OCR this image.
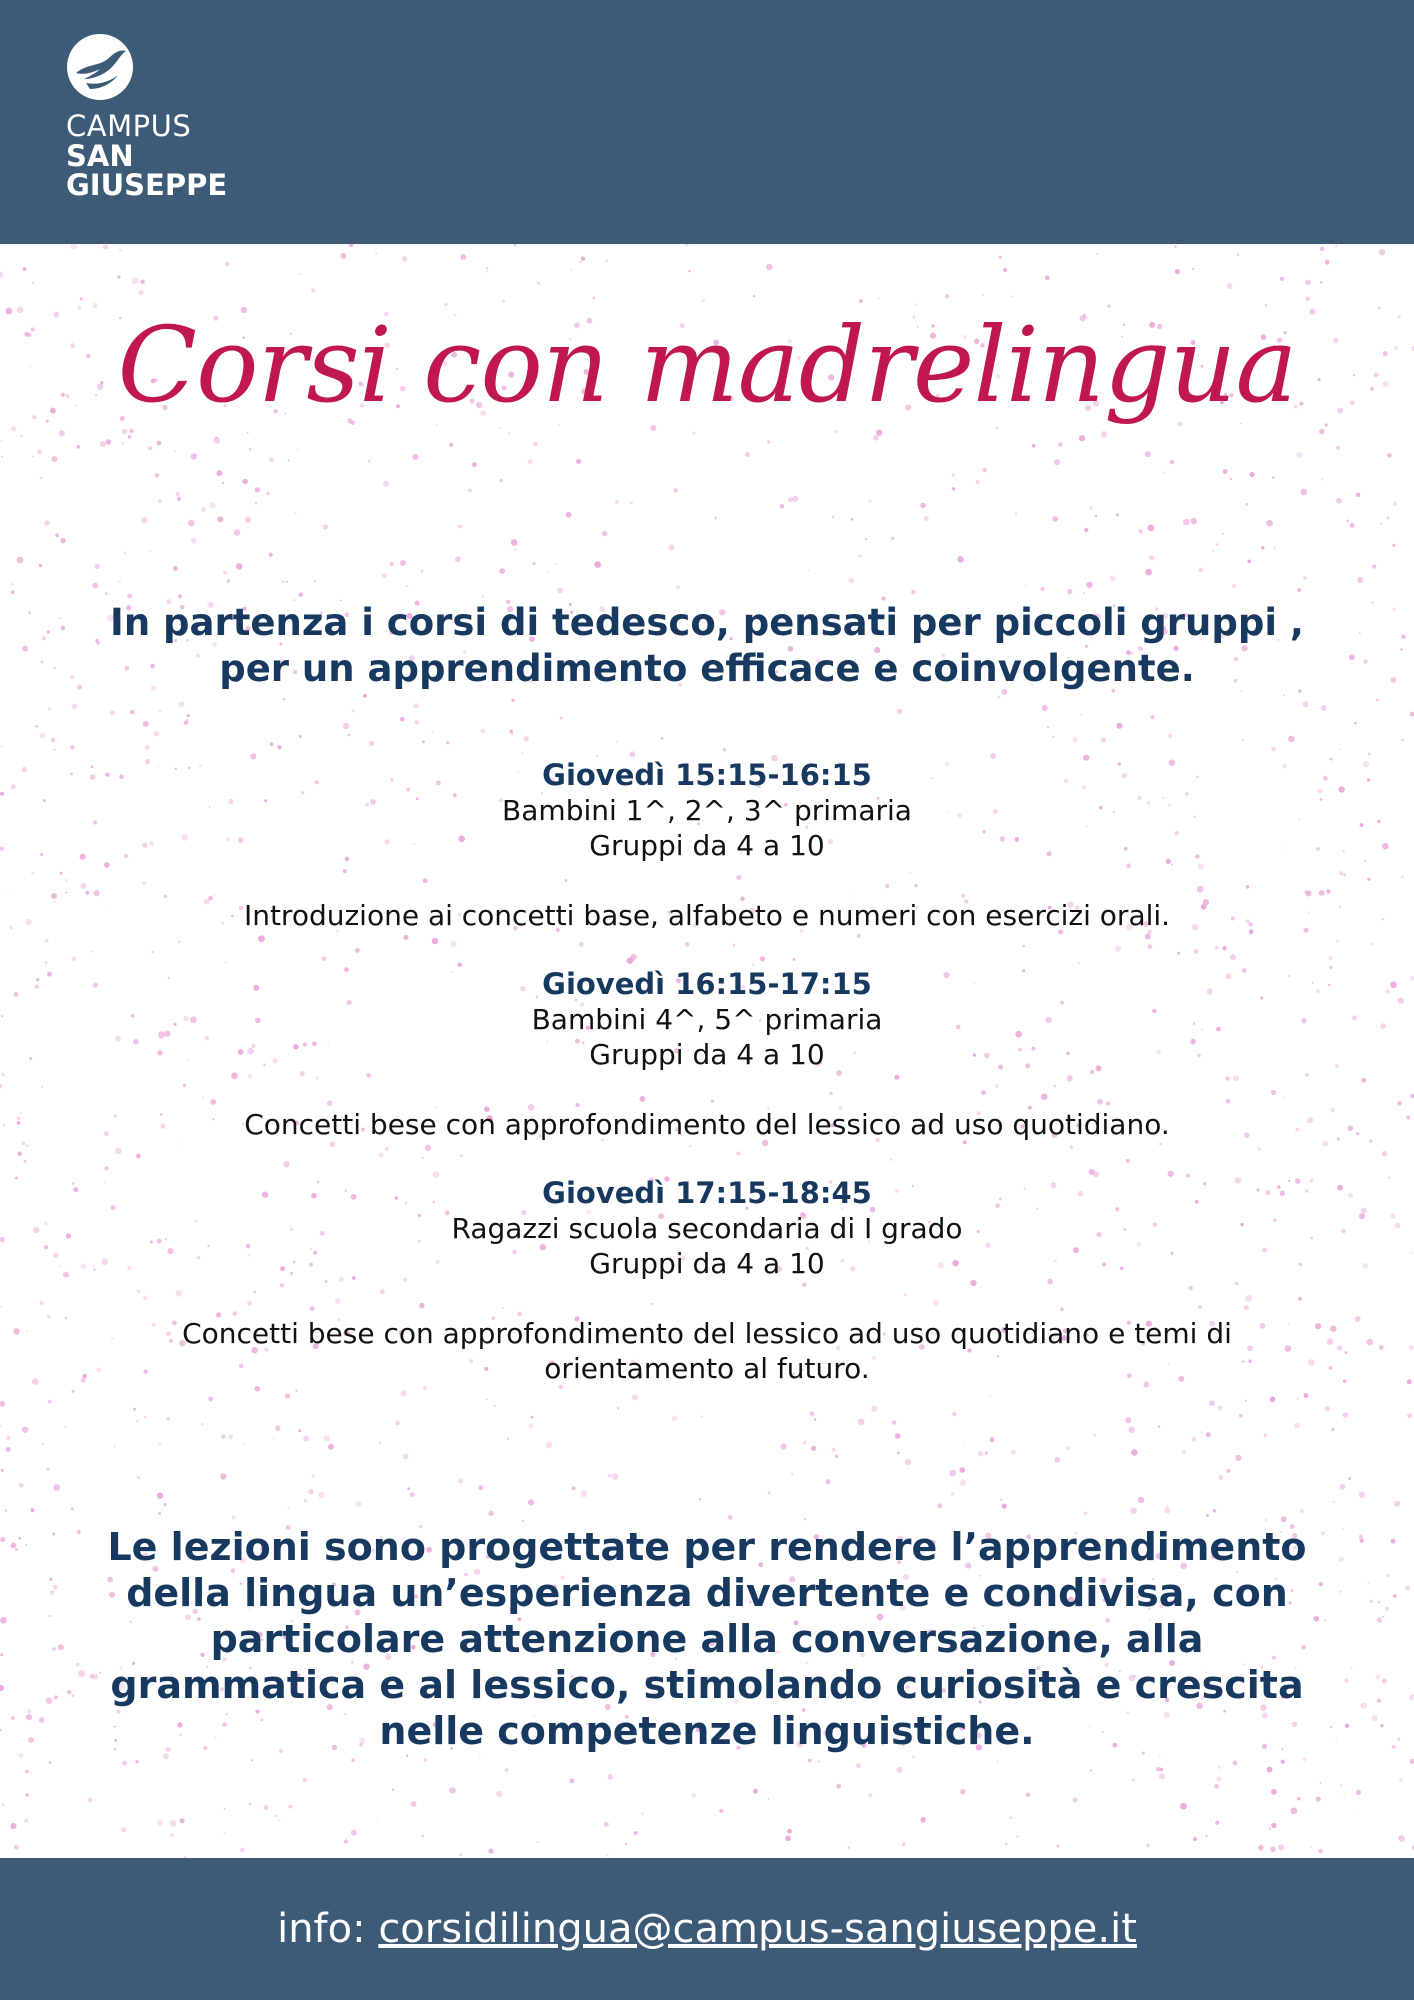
CAMPUS
SAN
GIUSEPPE
Corsi con madrelingua
In partenza i corsi di tedesco, pensati per piccoli gruppi , per un apprendimento efficace e coinvolgente.
Giovedì 15:15-16:15
Bambini 1^, 2^, 3^ primaria
Gruppi da 4 a 10
Introduzione ai concetti base, alfabeto e numeri con esercizi orali.
Giovedì 16:15-17:15
Bambini 4^, 5^ primaria
Gruppi da 4 a 10
Concetti bese con approfondimento del lessico ad uso quotidiano.
Giovedì 17:15-18:45
Ragazzi scuola secondaria di I grado
Gruppi da 4 a 10
Concetti bese con approfondimento del lessico ad uso quotidiano e temi di orientamento al futuro.
Le lezioni sono progettate per rendere l’apprendimento della lingua un’esperienza divertente e condivisa, con particolare attenzione alla conversazione, alla grammatica e al lessico, stimolando curiosità e crescita nelle competenze linguistiche.
info: corsidilingua@campus-sangiuseppe.it
